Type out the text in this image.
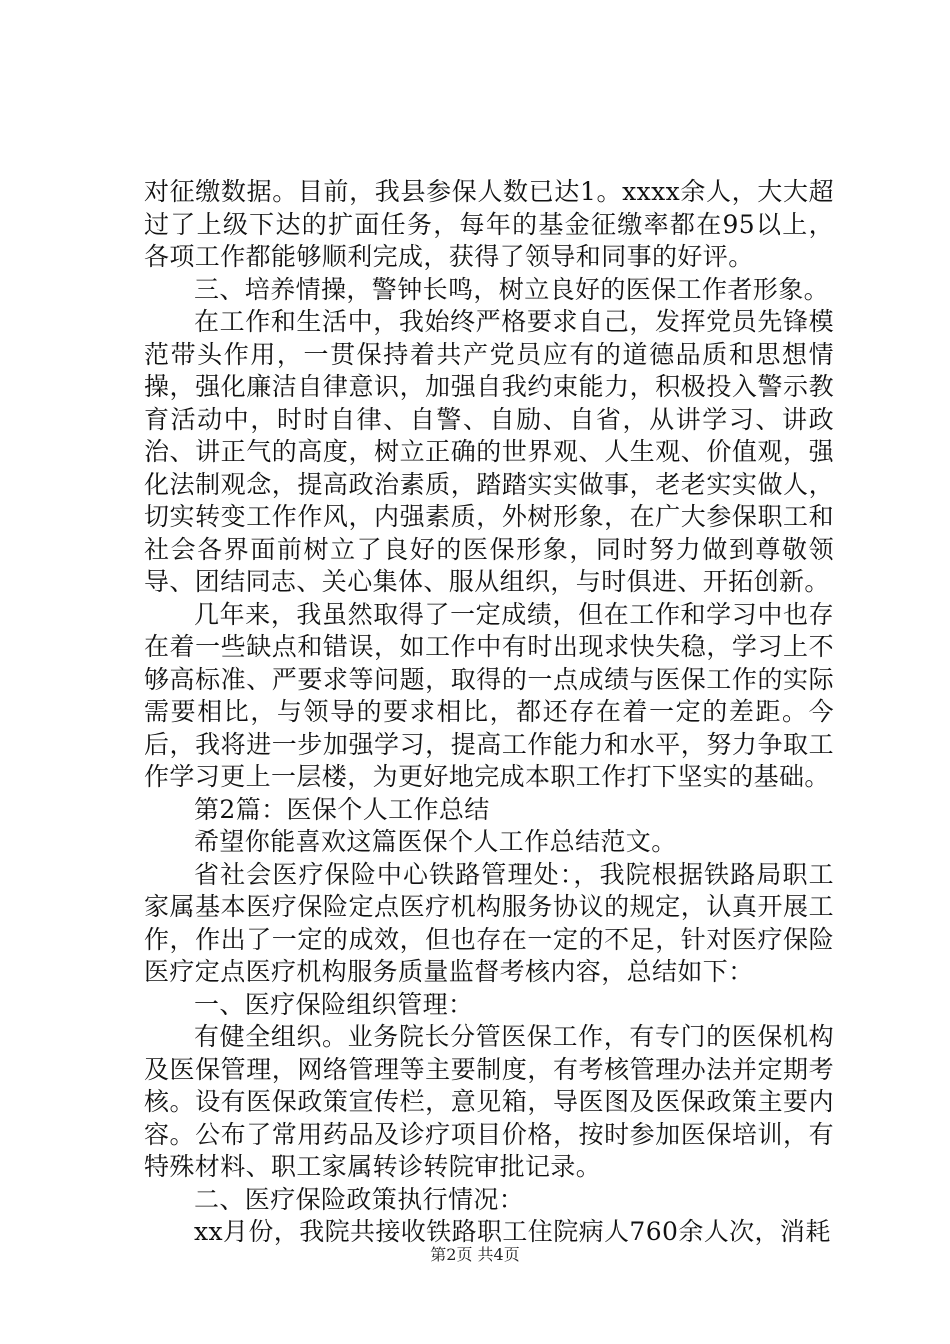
对征缴数据。目前，我县参保人数已达1。xxxx余人，大大超过了上级下达的扩面任务，每年的基金征缴率都在95以上，各项工作都能够顺利完成，获得了领导和同事的好评。

三、培养情操，警钟长鸣，树立良好的医保工作者形象。

在工作和生活中，我始终严格要求自己，发挥党员先锋模范带头作用，一贯保持着共产党员应有的道德品质和思想情操，强化廉洁自律意识，加强自我约束能力，积极投入警示教育活动中，时时自律、自警、自励、自省，从讲学习、讲政治、讲正气的高度，树立正确的世界观、人生观、价值观，强化法制观念，提高政治素质，踏踏实实做事，老老实实做人，切实转变工作作风，内强素质，外树形象，在广大参保职工和社会各界面前树立了良好的医保形象，同时努力做到尊敬领导、团结同志、关心集体、服从组织，与时俱进、开拓创新。

几年来，我虽然取得了一定成绩，但在工作和学习中也存在着一些缺点和错误，如工作中有时出现求快失稳，学习上不够高标准、严要求等问题，取得的一点成绩与医保工作的实际需要相比，与领导的要求相比，都还存在着一定的差距。今后，我将进一步加强学习，提高工作能力和水平，努力争取工作学习更上一层楼，为更好地完成本职工作打下坚实的基础。

第2篇：医保个人工作总结

希望你能喜欢这篇医保个人工作总结范文。

省社会医疗保险中心铁路管理处：，我院根据铁路局职工家属基本医疗保险定点医疗机构服务协议的规定，认真开展工作，作出了一定的成效，但也存在一定的不足，针对医疗保险医疗定点医疗机构服务质量监督考核内容，总结如下：

一、医疗保险组织管理：

有健全组织。业务院长分管医保工作，有专门的医保机构及医保管理，网络管理等主要制度，有考核管理办法并定期考核。设有医保政策宣传栏，意见箱，导医图及医保政策主要内容。公布了常用药品及诊疗项目价格，按时参加医保培训，有特殊材料、职工家属转诊转院审批记录。

二、医疗保险政策执行情况：

xx月份，我院共接收铁路职工住院病人760余人次，消耗

第2页 共4页
